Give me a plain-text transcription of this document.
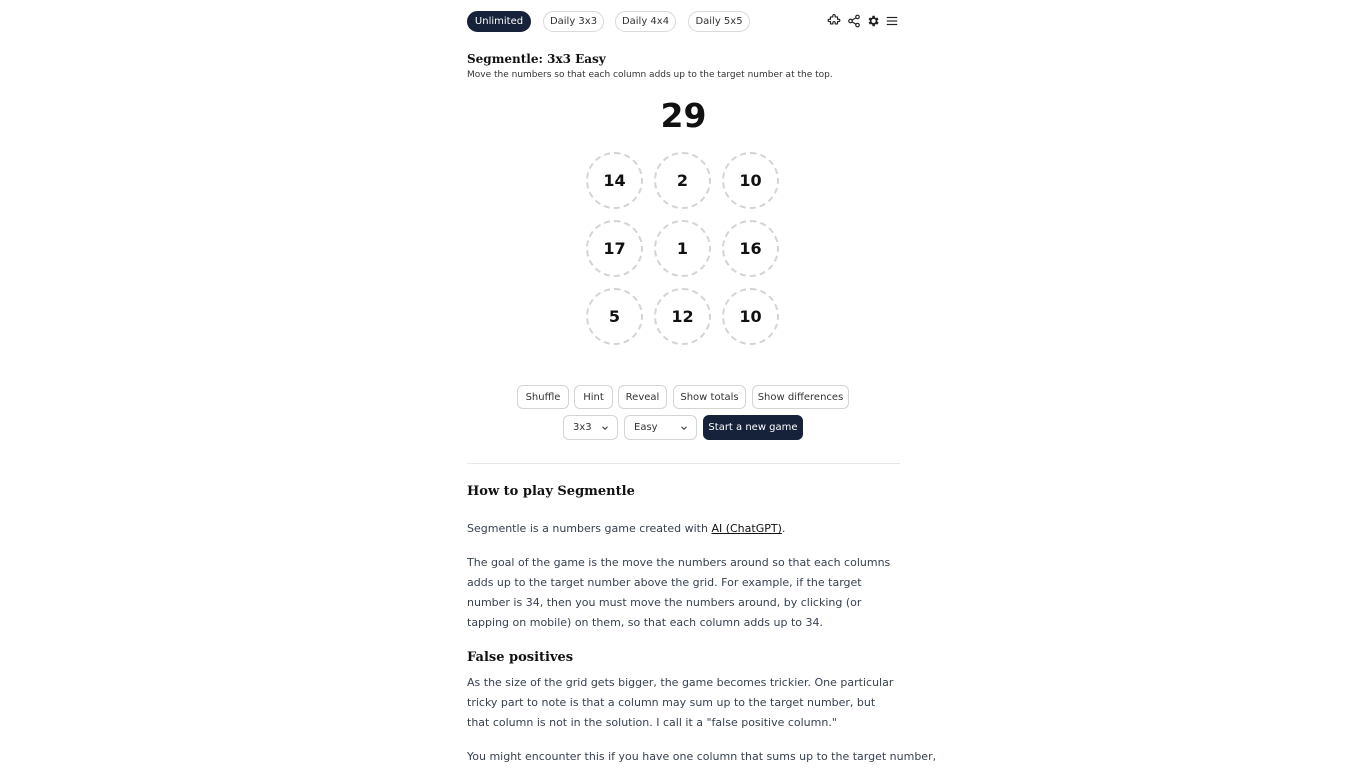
Unlimited	Daily 3x3	Daily 4x4	Daily 5x5
Segmentle: 3x3 Easy
Move the numbers so that each column adds up to the target number at the top.
29
14	2	10
17	1	16
5	12	10
Shuffle	Hint	Reveal	Show totals	Show differences
3x3	Easy	Start a new game
How to play Segmentle
Segmentle is a numbers game created with AI (ChatGPT).
The goal of the game is the move the numbers around so that each columns adds up to the target number above the grid. For example, if the target number is 34, then you must move the numbers around, by clicking (or tapping on mobile) on them, so that each column adds up to 34.
False positives
As the size of the grid gets bigger, the game becomes trickier. One particular tricky part to note is that a column may sum up to the target number, but that column is not in the solution. I call it a "false positive column."
You might encounter this if you have one column that sums up to the target number,
